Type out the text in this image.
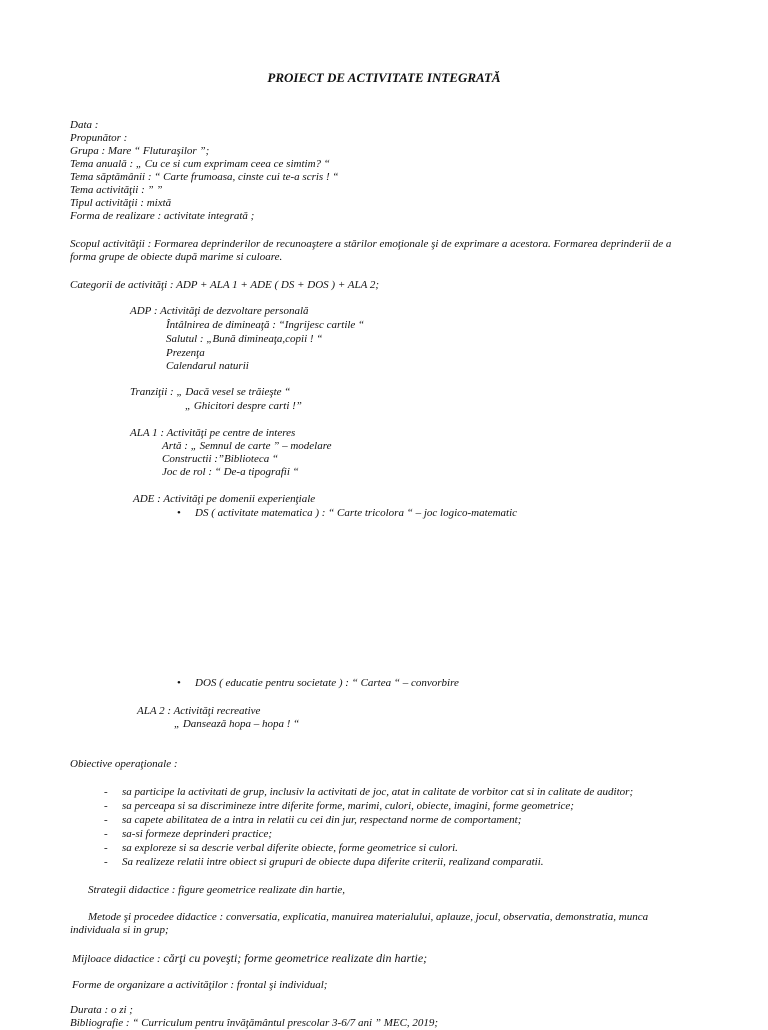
PROIECT DE ACTIVITATE INTEGRATĂ
Data :
Propunător :
Grupa : Mare “ Fluturaşilor ”;
Tema anuală : „ Cu ce si cum exprimam ceea ce simtim? “
Tema săptămânii : “ Carte frumoasa, cinste cui te-a scris ! “
Tema activităţii : ” ”
Tipul activităţii : mixtă
Forma de realizare : activitate integrată ;
Scopul activităţii : Formarea deprinderilor de recunoaştere a stărilor emoţionale şi de exprimare a acestora. Formarea deprinderii de a forma grupe de obiecte după marime si culoare.
Categorii de activităţi : ADP + ALA 1 + ADE ( DS + DOS ) + ALA 2;
ADP : Activităţi de dezvoltare personală
Întâlnirea de dimineaţă : “Ingrijesc cartile “
Salutul : „Bună dimineaţa,copii ! “
Prezenţa
Calendarul naturii
Tranziţii : „ Dacă vesel se trăieşte “
„ Ghicitori despre carti !”
ALA 1 : Activităţi pe centre de interes
Artă : „ Semnul de carte ” – modelare
Constructii :”Biblioteca “
Joc de rol : “ De-a tipografii “
ADE : Activităţi pe domenii experienţiale
• DS ( activitate matematica ) : “ Carte tricolora “ – joc logico-matematic
• DOS ( educatie pentru societate ) : “ Cartea “ – convorbire
ALA 2 : Activităţi recreative
„ Dansează hopa – hopa ! “
Obiective operaţionale :
- sa participe la activitati de grup, inclusiv la activitati de joc, atat in calitate de vorbitor cat si in calitate de auditor;
- sa perceapa si sa discrimineze intre diferite forme, marimi, culori, obiecte, imagini, forme geometrice;
- sa capete abilitatea de a intra in relatii cu cei din jur, respectand norme de comportament;
- sa-si formeze deprinderi practice;
- sa exploreze si sa descrie verbal diferite obiecte, forme geometrice si culori.
- Sa realizeze relatii intre obiect si grupuri de obiecte dupa diferite criterii, realizand comparatii.
Strategii didactice : figure geometrice realizate din hartie,
Metode şi procedee didactice : conversatia, explicatia, manuirea materialului, aplauze, jocul, observatia, demonstratia, munca individuala si in grup;
Mijloace didactice : cărţi cu poveşti; forme geometrice realizate din hartie;
Forme de organizare a activităţilor : frontal şi individual;
Durata : o zi ;
Bibliografie : “ Curriculum pentru învăţământul prescolar 3-6/7 ani ” MEC, 2019;
